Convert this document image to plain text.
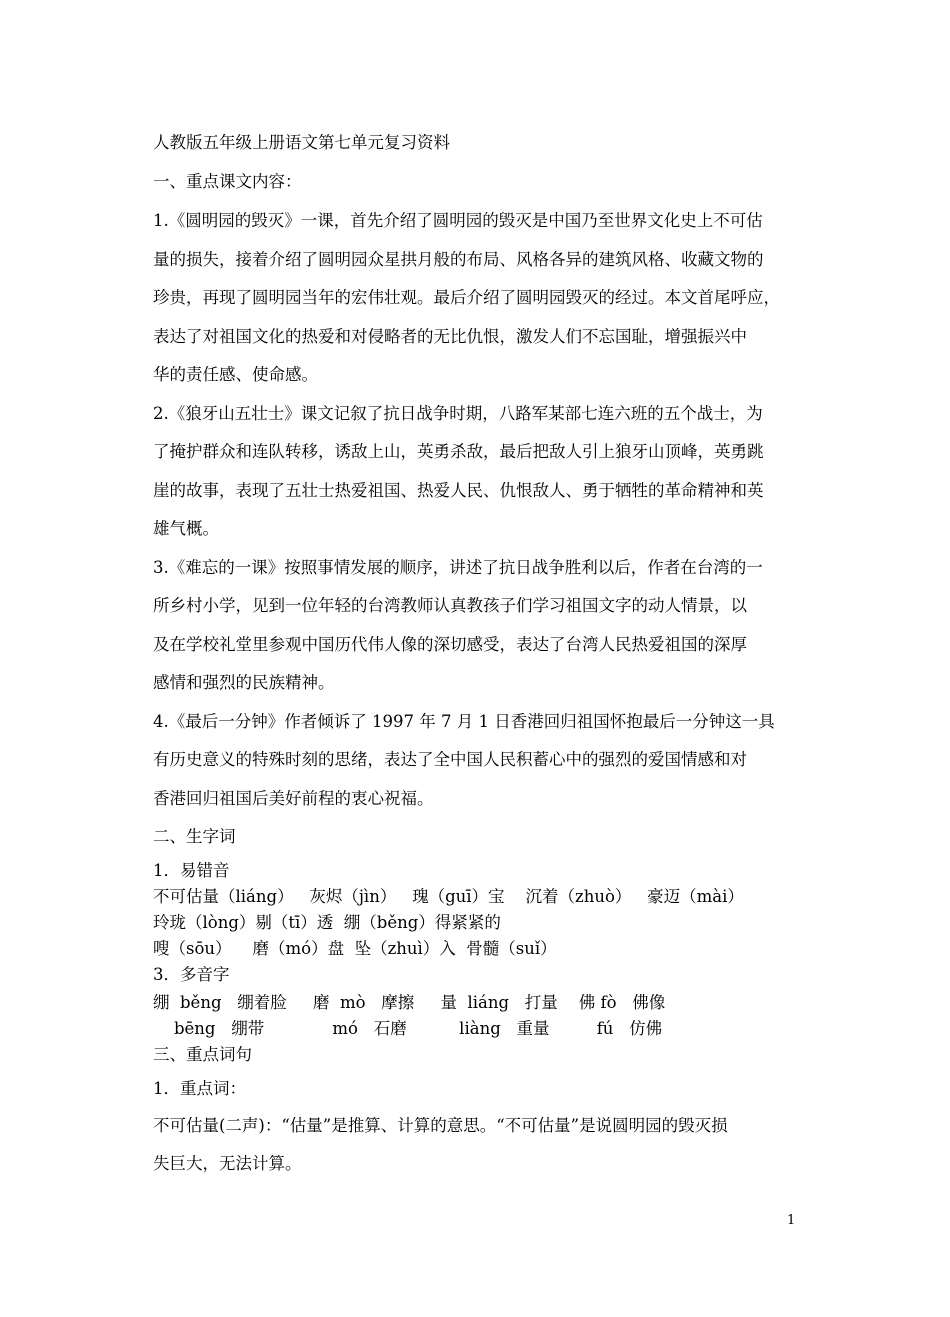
人教版五年级上册语文第七单元复习资料
一、重点课文内容：
1.《圆明园的毁灭》一课，首先介绍了圆明园的毁灭是中国乃至世界文化史上不可估
量的损失，接着介绍了圆明园众星拱月般的布局、风格各异的建筑风格、收藏文物的
珍贵，再现了圆明园当年的宏伟壮观。最后介绍了圆明园毁灭的经过。本文首尾呼应，
表达了对祖国文化的热爱和对侵略者的无比仇恨，激发人们不忘国耻，增强振兴中
华的责任感、使命感。
2.《狼牙山五壮士》课文记叙了抗日战争时期，八路军某部七连六班的五个战士，为
了掩护群众和连队转移，诱敌上山，英勇杀敌，最后把敌人引上狼牙山顶峰，英勇跳
崖的故事，表现了五壮士热爱祖国、热爱人民、仇恨敌人、勇于牺牲的革命精神和英
雄气概。
3.《难忘的一课》按照事情发展的顺序，讲述了抗日战争胜利以后，作者在台湾的一
所乡村小学，见到一位年轻的台湾教师认真教孩子们学习祖国文字的动人情景，以
及在学校礼堂里参观中国历代伟人像的深切感受，表达了台湾人民热爱祖国的深厚
感情和强烈的民族精神。
4.《最后一分钟》作者倾诉了 1997 年 7 月 1 日香港回归祖国怀抱最后一分钟这一具
有历史意义的特殊时刻的思绪，表达了全中国人民积蓄心中的强烈的爱国情感和对
香港回归祖国后美好前程的衷心祝福。
二、生字词
1．易错音
不可估量（liáng）   灰烬（jìn）   瑰（guī）宝    沉着（zhuò）   豪迈（mài）
玲珑（lòng）剔（tī）透  绷（běng）得紧紧的
嗖（sōu）    磨（mó）盘  坠（zhuì）入  骨髓（suǐ）
3．多音字
绷  běng   绷着脸     磨  mò   摩擦     量  liáng   打量    佛 fò   佛像
bēng   绷带             mó   石磨          liàng   重量         fú   仿佛
三、重点词句
1．重点词：
不可估量(二声)：“估量”是推算、计算的意思。“不可估量”是说圆明园的毁灭损
失巨大，无法计算。
1
